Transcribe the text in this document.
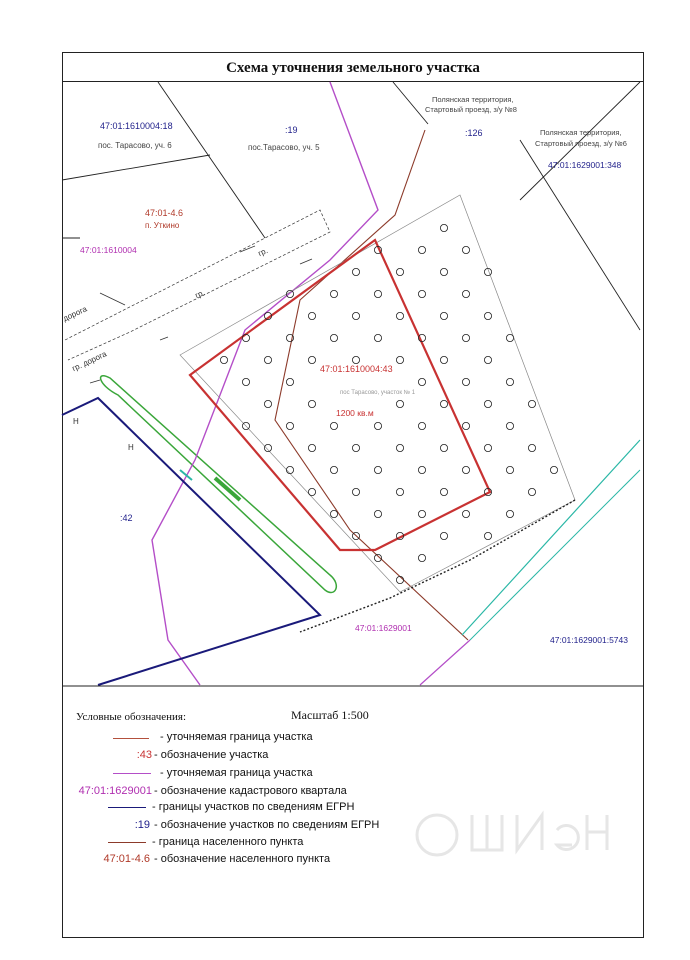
Схема уточнения земельного участка
47:01:1610004:18
пос. Тарасово, уч. 6
:19
пос.Тарасово, уч. 5
Полянская территория,
Стартовый проезд, з/у №8
:126	Полянская территория,
Стартовый проезд, з/у №6
47:01:1629001:348
47:01-4.6
п. Уткино
47:01:1610004	гр.
гр.
дорога
гр. дорога	47:01:1610004:43
пос Тарасово, участок № 1
1200 кв.м
:42
Н
Н
47:01:1629001
47:01:1629001:5743
Масштаб 1:500
Условные обозначения:
- уточняемая граница участка
:43 - обозначение участка
- уточняемая граница участка
47:01:1629001 - обозначение кадастрового квартала
- границы участков по сведениям ЕГРН
:19 - обозначение участков по сведениям ЕГРН
- граница населенного пункта
47:01-4.6 - обозначение населенного пункта
